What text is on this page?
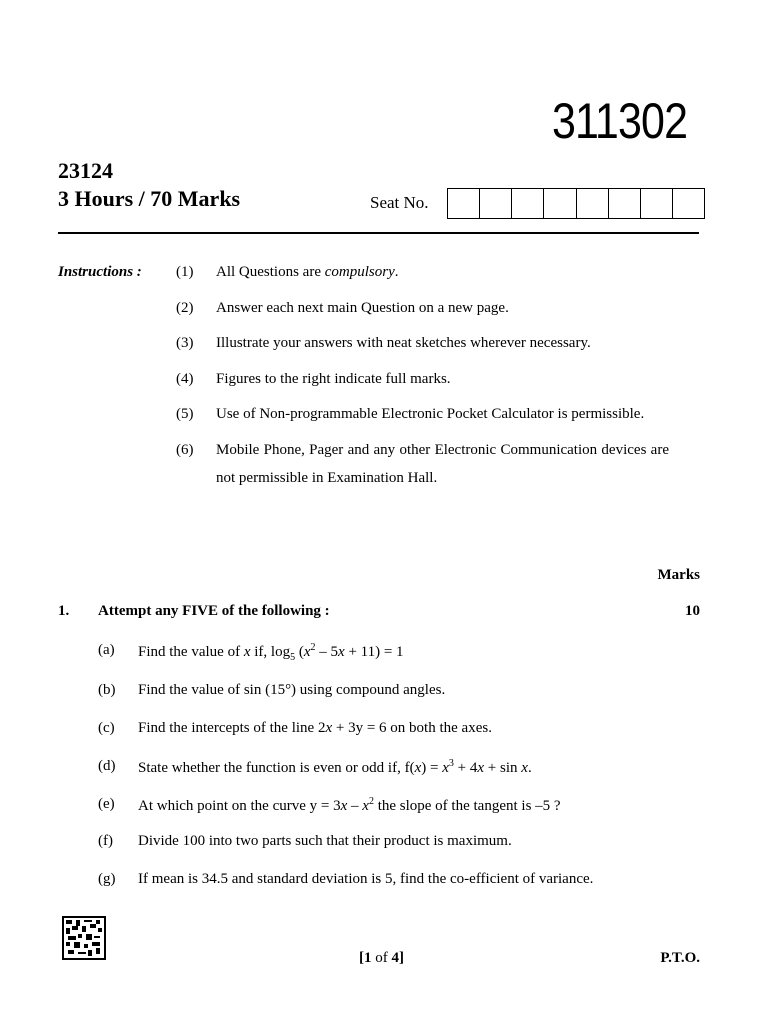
311302
23124
3 Hours / 70 Marks	Seat No.
Instructions : (1) All Questions are compulsory.
(2) Answer each next main Question on a new page.
(3) Illustrate your answers with neat sketches wherever necessary.
(4) Figures to the right indicate full marks.
(5) Use of Non-programmable Electronic Pocket Calculator is permissible.
(6) Mobile Phone, Pager and any other Electronic Communication devices are not permissible in Examination Hall.
Marks
1. Attempt any FIVE of the following :	10
(a) Find the value of x if, $\log_5 (x^2 - 5x + 11) = 1$
(b) Find the value of sin (15°) using compound angles.
(c) Find the intercepts of the line 2x + 3y = 6 on both the axes.
(d) State whether the function is even or odd if, $f(x) = x^3 + 4x + \sin x$.
(e) At which point on the curve $y = 3x - x^2$ the slope of the tangent is –5 ?
(f) Divide 100 into two parts such that their product is maximum.
(g) If mean is 34.5 and standard deviation is 5, find the co-efficient of variance.
[1 of 4]	P.T.O.
